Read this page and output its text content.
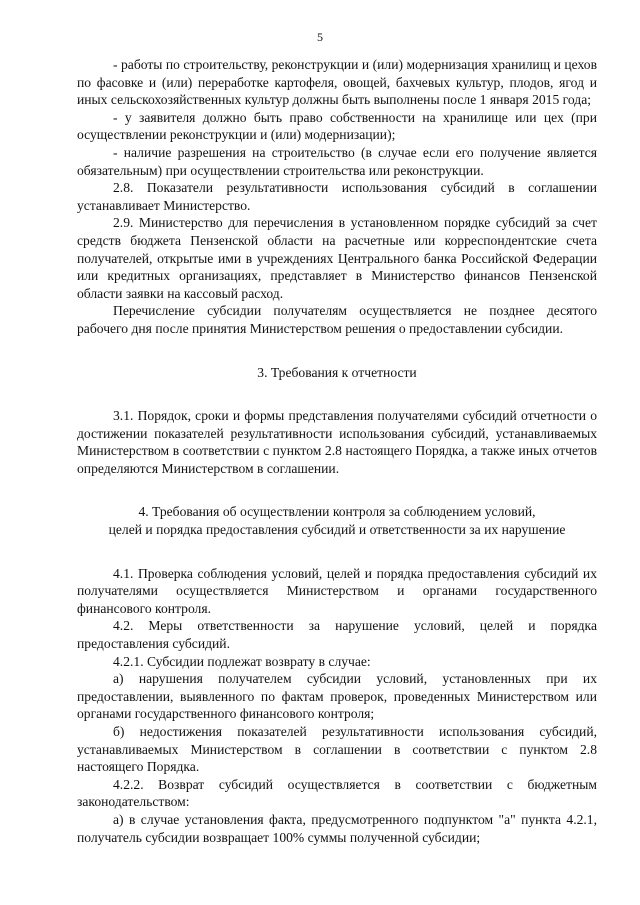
5

- работы по строительству, реконструкции и (или) модернизация хранилищ и цехов по фасовке и (или) переработке картофеля, овощей, бахчевых культур, плодов, ягод и иных сельскохозяйственных культур должны быть выполнены после 1 января 2015 года;

- у заявителя должно быть право собственности на хранилище или цех (при осуществлении реконструкции и (или) модернизации);

- наличие разрешения на строительство (в случае если его получение является обязательным) при осуществлении строительства или реконструкции.

2.8. Показатели результативности использования субсидий в соглашении устанавливает Министерство.

2.9. Министерство для перечисления в установленном порядке субсидий за счет средств бюджета Пензенской области на расчетные или корреспондентские счета получателей, открытые ими в учреждениях Центрального банка Российской Федерации или кредитных организациях, представляет в Министерство финансов Пензенской области заявки на кассовый расход.

Перечисление субсидии получателям осуществляется не позднее десятого рабочего дня после принятия Министерством решения о предоставлении субсидии.

3. Требования к отчетности

3.1. Порядок, сроки и формы представления получателями субсидий отчетности о достижении показателей результативности использования субсидий, устанавливаемых Министерством в соответствии с пунктом 2.8 настоящего Порядка, а также иных отчетов определяются Министерством в соглашении.

4. Требования об осуществлении контроля за соблюдением условий,
целей и порядка предоставления субсидий и ответственности за их нарушение

4.1. Проверка соблюдения условий, целей и порядка предоставления субсидий их получателями осуществляется Министерством и органами государственного финансового контроля.

4.2. Меры ответственности за нарушение условий, целей и порядка предоставления субсидий.

4.2.1. Субсидии подлежат возврату в случае:

а) нарушения получателем субсидии условий, установленных при их предоставлении, выявленного по фактам проверок, проведенных Министерством или органами государственного финансового контроля;

б) недостижения показателей результативности использования субсидий, устанавливаемых Министерством в соглашении в соответствии с пунктом 2.8 настоящего Порядка.

4.2.2. Возврат субсидий осуществляется в соответствии с бюджетным законодательством:

а) в случае установления факта, предусмотренного подпунктом "а" пункта 4.2.1, получатель субсидии возвращает 100% суммы полученной субсидии;
